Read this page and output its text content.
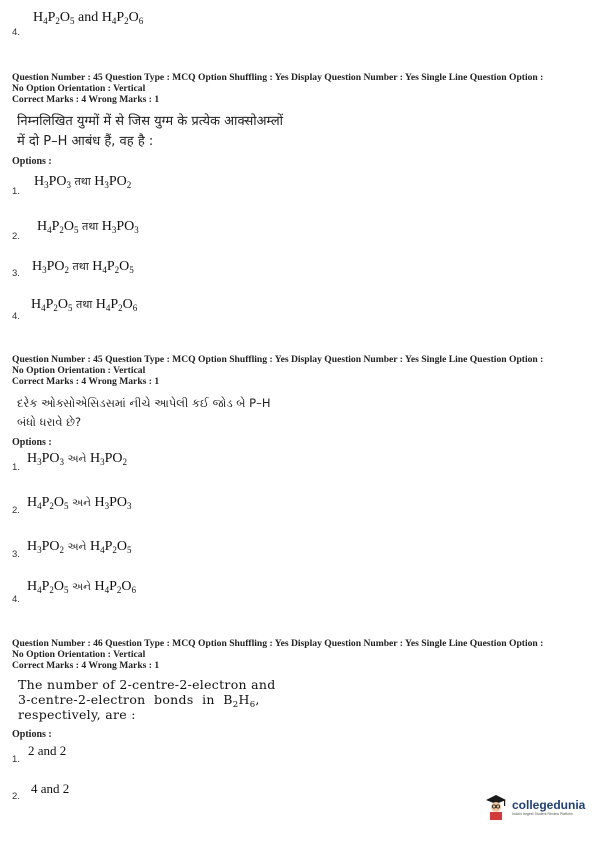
$H_4P_2O_5$ and $H_4P_2O_6$
4.
Question Number : 45 Question Type : MCQ Option Shuffling : Yes Display Question Number : Yes Single Line Question Option :
No Option Orientation : Vertical
Correct Marks : 4 Wrong Marks : 1
निम्नलिखित युग्मों में से जिस युग्म के प्रत्येक आक्सोअम्लों
में दो P–H आबंध हैं, वह है :
Options :
1.
$H_3PO_3$ तथा $H_3PO_2$
2.
$H_4P_2O_5$ तथा $H_3PO_3$
3. $H_3PO_2$ तथा $H_4P_2O_5$
4.
$H_4P_2O_5$ तथा $H_4P_2O_6$
Question Number : 45 Question Type : MCQ Option Shuffling : Yes Display Question Number : Yes Single Line Question Option :
No Option Orientation : Vertical
Correct Marks : 4 Wrong Marks : 1
દરેક ઓક્સોએસિડસમાં નીચે આપેલી કઈ જોડ બે P–H
બંધો ધરાવે છે?
Options :
1.
$H_3PO_3$ અને $H_3PO_2$
2.
$H_4P_2O_5$ અને $H_3PO_3$
3.
$H_3PO_2$ અને $H_4P_2O_5$
4.
$H_4P_2O_5$ અને $H_4P_2O_6$
Question Number : 46 Question Type : MCQ Option Shuffling : Yes Display Question Number : Yes Single Line Question Option :
No Option Orientation : Vertical
Correct Marks : 4 Wrong Marks : 1
The number of 2-centre-2-electron and
3-centre-2-electron  bonds  in  $B_2H_6$,
respectively, are :
Options :
1.
2 and 2
2.
4 and 2
collegedunia
India's largest Student Review Platform
